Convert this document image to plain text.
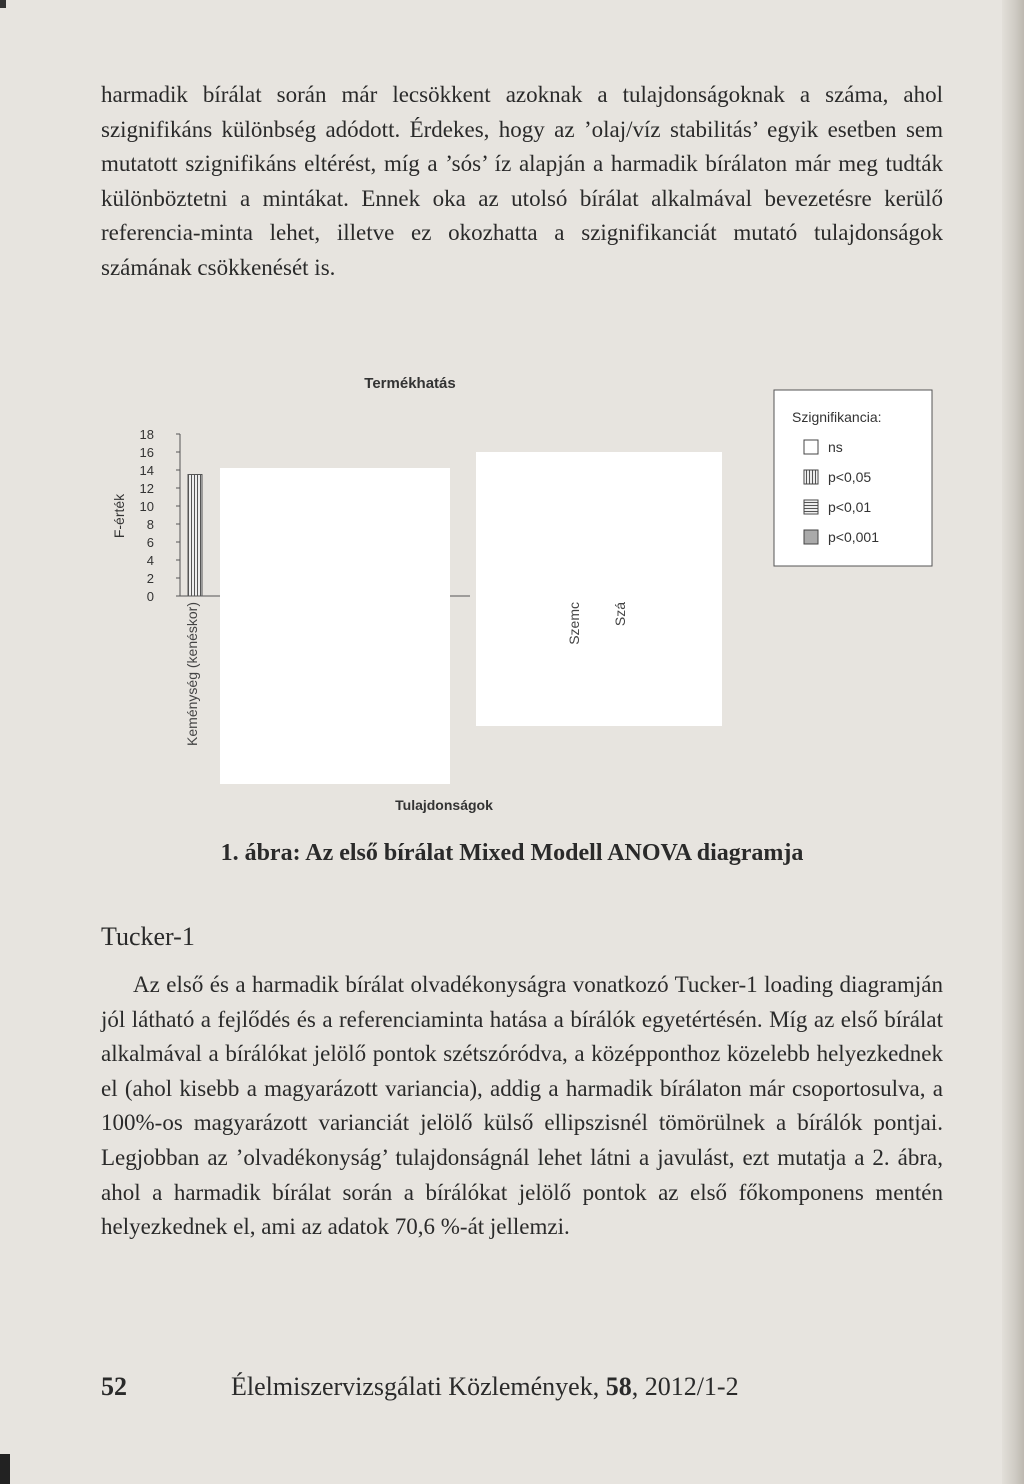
harmadik bírálat során már lecsökkent azoknak a tulajdonságoknak a száma, ahol szignifikáns különbség adódott. Érdekes, hogy az ’olaj/víz stabilitás’ egyik esetben sem mutatott szignifikáns eltérést, míg a ’sós’ íz alapján a harmadik bírálaton már meg tudták különböztetni a mintákat. Ennek oka az utolsó bírálat alkalmával bevezetésre kerülő referencia-minta lehet, illetve ez okozhatta a szignifikanciát mutató tulajdonságok számának csökkenését is.

Termékhatás
0
2
4
6
8
10
12
14
16
18
F-érték
Keménység (kenéskor)	Szemc Szá
Tulajdonságok
Szignifikancia:
ns
p<0,05
p<0,01
p<0,001

1. ábra: Az első bírálat Mixed Modell ANOVA diagramja

Tucker-1

Az első és a harmadik bírálat olvadékonyságra vonatkozó Tucker-1 loading diagramján jól látható a fejlődés és a referenciaminta hatása a bírálók egyetértésén. Míg az első bírálat alkalmával a bírálókat jelölő pontok szétszóródva, a középponthoz közelebb helyezkednek el (ahol kisebb a magyarázott variancia), addig a harmadik bírálaton már csoportosulva, a 100%-os magyarázott varianciát jelölő külső ellipszisnél tömörülnek a bírálók pontjai. Legjobban az ’olvadékonyság’ tulajdonságnál lehet látni a javulást, ezt mutatja a 2. ábra, ahol a harmadik bírálat során a bírálókat jelölő pontok az első főkomponens mentén helyezkednek el, ami az adatok 70,6 %-át jellemzi.

52	Élelmiszervizsgálati Közlemények, 58, 2012/1-2
